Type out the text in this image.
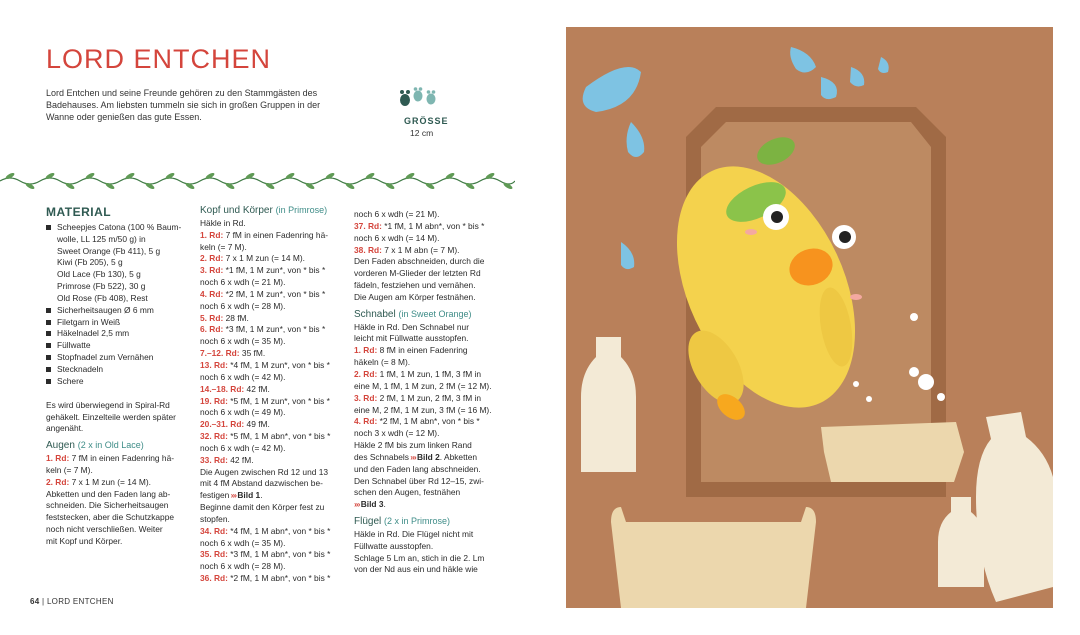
LORD ENTCHEN
Lord Entchen und seine Freunde gehören zu den Stammgästen des Badehauses. Am liebsten tummeln sie sich in großen Gruppen in der Wanne oder genießen das gute Essen.	GRÖSSE
12 cm
MATERIAL
Scheepjes Catona (100 % Baum-
wolle, LL 125 m/50 g) in
Sweet Orange (Fb 411), 5 g
Kiwi (Fb 205), 5 g
Old Lace (Fb 130), 5 g
Primrose (Fb 522), 30 g
Old Rose (Fb 408), Rest
Sicherheitsaugen Ø 6 mm
Filetgarn in Weiß
Häkelnadel 2,5 mm
Füllwatte
Stopfnadel zum Vernähen
Stecknadeln
Schere

Es wird überwiegend in Spiral-Rd

gehäkelt. Einzelteile werden später

angenäht.

Augen (2 x in Old Lace)

1. Rd: 7 fM in einen Fadenring hä-

keln (= 7 M).

2. Rd: 7 x 1 M zun (= 14 M).

Abketten und den Faden lang ab-

schneiden. Die Sicherheitsaugen

feststecken, aber die Schutzkappe

noch nicht verschließen. Weiter

mit Kopf und Körper.

Kopf und Körper (in Primrose)

Häkle in Rd.

1. Rd: 7 fM in einen Fadenring hä-

keln (= 7 M).

2. Rd: 7 x 1 M zun (= 14 M).

3. Rd: *1 fM, 1 M zun*, von * bis *

noch 6 x wdh (= 21 M).

4. Rd: *2 fM, 1 M zun*, von * bis *

noch 6 x wdh (= 28 M).

5. Rd: 28 fM.

6. Rd: *3 fM, 1 M zun*, von * bis *

noch 6 x wdh (= 35 M).

7.–12. Rd: 35 fM.

13. Rd: *4 fM, 1 M zun*, von * bis *

noch 6 x wdh (= 42 M).

14.–18. Rd: 42 fM.

19. Rd: *5 fM, 1 M zun*, von * bis *

noch 6 x wdh (= 49 M).

20.–31. Rd: 49 fM.

32. Rd: *5 fM, 1 M abn*, von * bis *

noch 6 x wdh (= 42 M).

33. Rd: 42 fM.

Die Augen zwischen Rd 12 und 13

mit 4 fM Abstand dazwischen be-

festigen ››› Bild 1.

Beginne damit den Körper fest zu

stopfen.

34. Rd: *4 fM, 1 M abn*, von * bis *

noch 6 x wdh (= 35 M).

35. Rd: *3 fM, 1 M abn*, von * bis *

noch 6 x wdh (= 28 M).

36. Rd: *2 fM, 1 M abn*, von * bis *

noch 6 x wdh (= 21 M).

37. Rd: *1 fM, 1 M abn*, von * bis *

noch 6 x wdh (= 14 M).

38. Rd: 7 x 1 M abn (= 7 M).

Den Faden abschneiden, durch die

vorderen M-Glieder der letzten Rd

fädeln, festziehen und vernähen.

Die Augen am Körper festnähen.

Schnabel (in Sweet Orange)

Häkle in Rd. Den Schnabel nur

leicht mit Füllwatte ausstopfen.

1. Rd: 8 fM in einen Fadenring

häkeln (= 8 M).

2. Rd: 1 fM, 1 M zun, 1 fM, 3 fM in

eine M, 1 fM, 1 M zun, 2 fM (= 12 M).

3. Rd: 2 fM, 1 M zun, 2 fM, 3 fM in

eine M, 2 fM, 1 M zun, 3 fM (= 16 M).

4. Rd: *2 fM, 1 M abn*, von * bis *

noch 3 x wdh (= 12 M).

Häkle 2 fM bis zum linken Rand

des Schnabels ››› Bild 2. Abketten

und den Faden lang abschneiden.

Den Schnabel über Rd 12–15, zwi-

schen den Augen, festnähen

››› Bild 3.

Flügel (2 x in Primrose)

Häkle in Rd. Die Flügel nicht mit

Füllwatte ausstopfen.

Schlage 5 Lm an, stich in die 2. Lm

von der Nd aus ein und häkle wie

64 | LORD ENTCHEN
